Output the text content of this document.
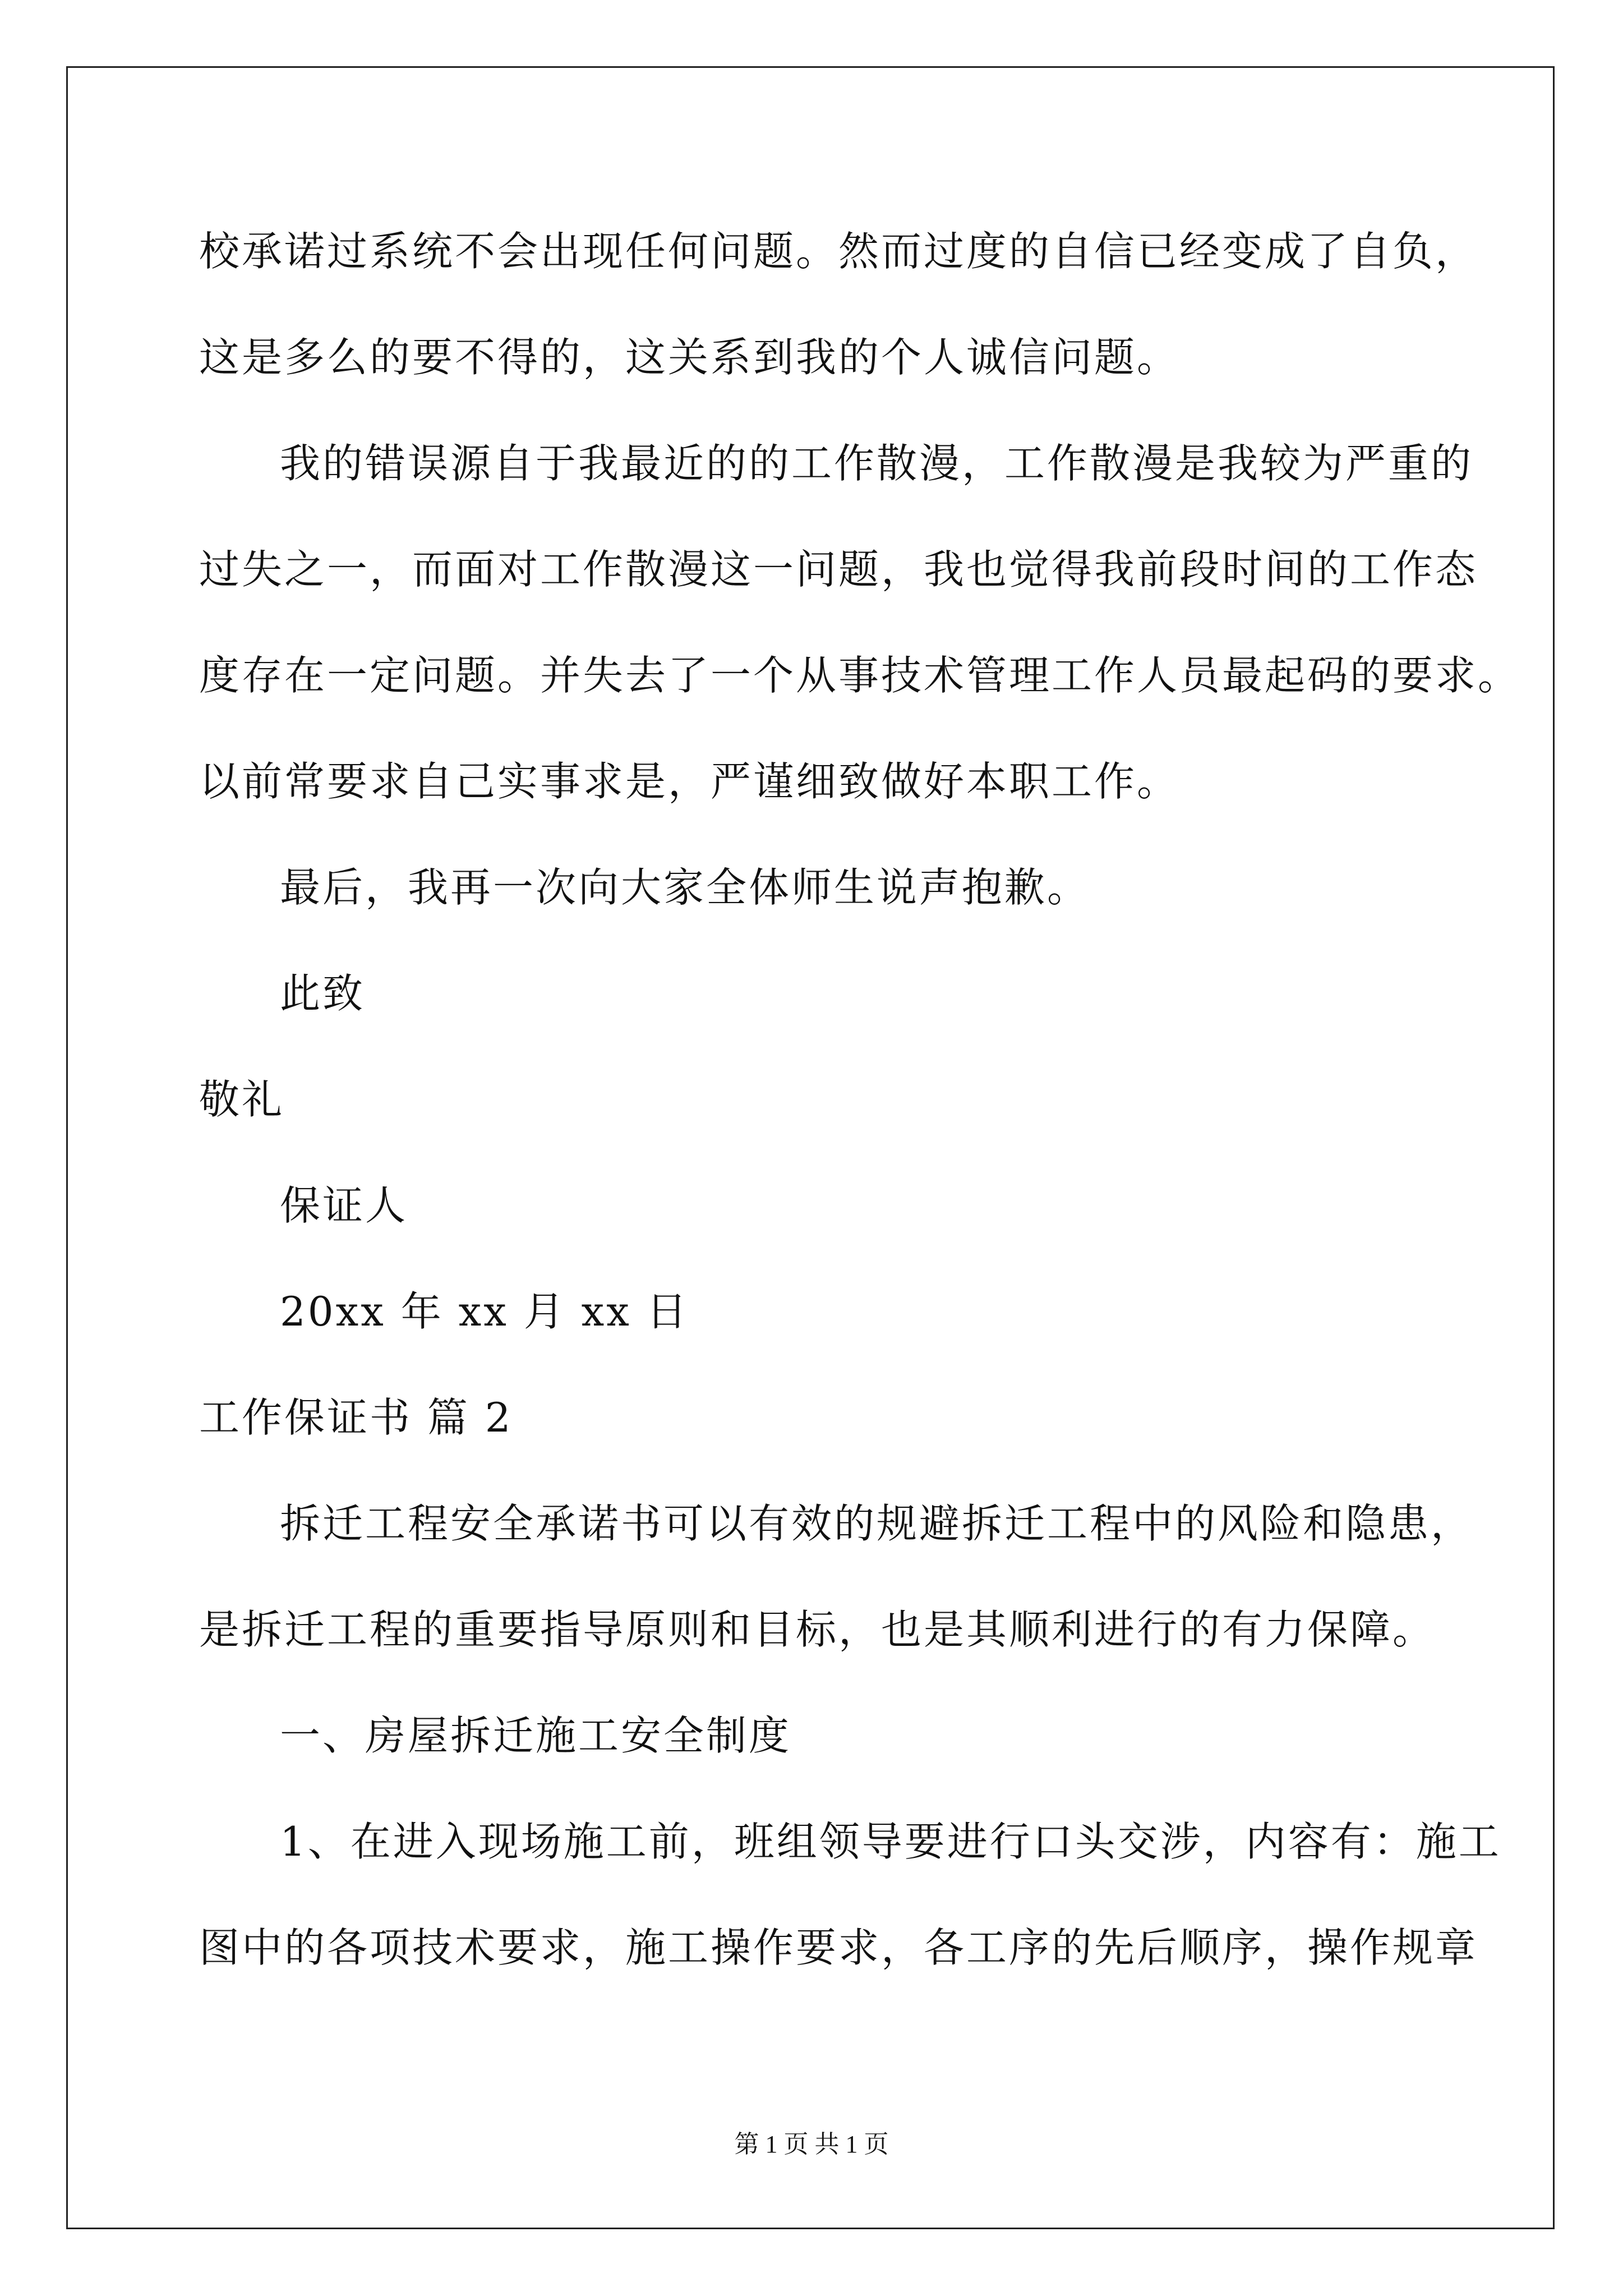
校承诺过系统不会出现任何问题。然而过度的自信已经变成了自负，
这是多么的要不得的，这关系到我的个人诚信问题。
我的错误源自于我最近的的工作散漫，工作散漫是我较为严重的
过失之一，而面对工作散漫这一问题，我也觉得我前段时间的工作态
度存在一定问题。并失去了一个从事技术管理工作人员最起码的要求。
以前常要求自己实事求是，严谨细致做好本职工作。
最后，我再一次向大家全体师生说声抱歉。
此致
敬礼
保证人
20xx 年 xx 月 xx 日
工作保证书 篇 2
拆迁工程安全承诺书可以有效的规避拆迁工程中的风险和隐患，
是拆迁工程的重要指导原则和目标，也是其顺利进行的有力保障。
一、房屋拆迁施工安全制度
1、在进入现场施工前，班组领导要进行口头交涉，内容有：施工
图中的各项技术要求，施工操作要求，各工序的先后顺序，操作规章
第 1 页 共 1 页
